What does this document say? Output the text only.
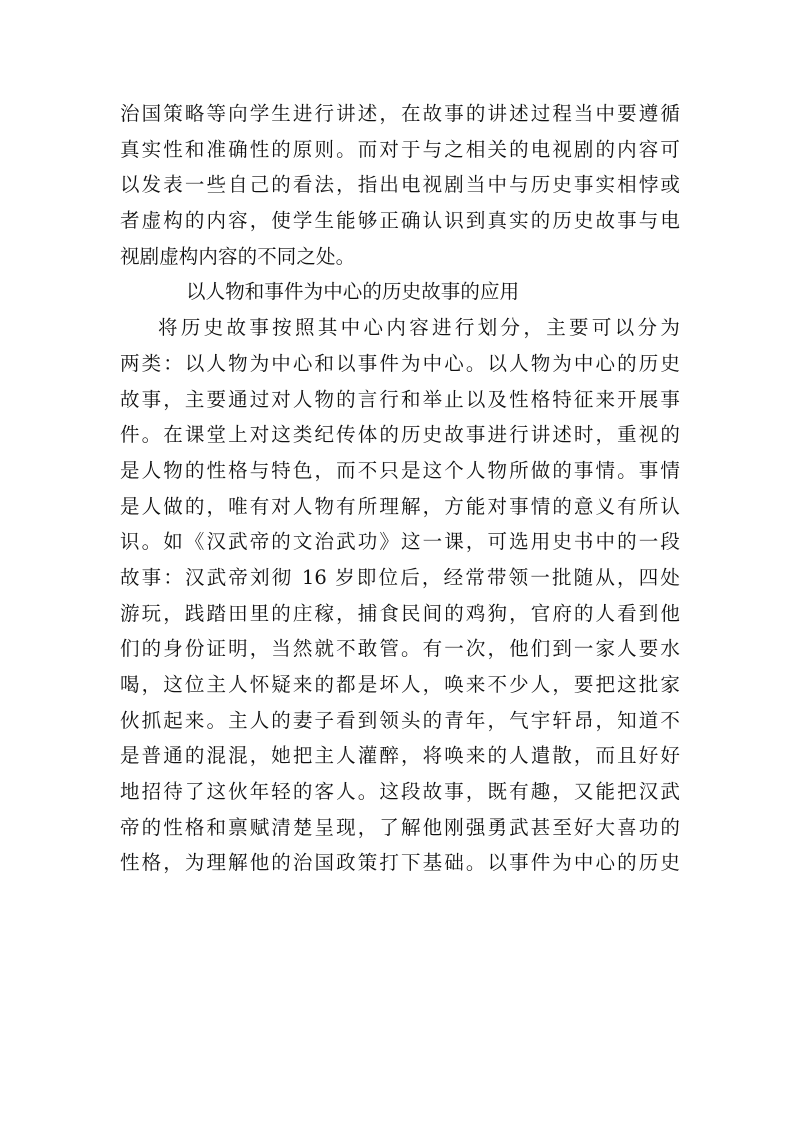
治国策略等向学生进行讲述，在故事的讲述过程当中要遵循
真实性和准确性的原则。而对于与之相关的电视剧的内容可
以发表一些自己的看法，指出电视剧当中与历史事实相悖或
者虚构的内容，使学生能够正确认识到真实的历史故事与电
视剧虚构内容的不同之处。
以人物和事件为中心的历史故事的应用
将历史故事按照其中心内容进行划分，主要可以分为
两类：以人物为中心和以事件为中心。以人物为中心的历史
故事，主要通过对人物的言行和举止以及性格特征来开展事
件。在课堂上对这类纪传体的历史故事进行讲述时，重视的
是人物的性格与特色，而不只是这个人物所做的事情。事情
是人做的，唯有对人物有所理解，方能对事情的意义有所认
识。如《汉武帝的文治武功》这一课，可选用史书中的一段
故事：汉武帝刘彻 16 岁即位后，经常带领一批随从，四处
游玩，践踏田里的庄稼，捕食民间的鸡狗，官府的人看到他
们的身份证明，当然就不敢管。有一次，他们到一家人要水
喝，这位主人怀疑来的都是坏人，唤来不少人，要把这批家
伙抓起来。主人的妻子看到领头的青年，气宇轩昂，知道不
是普通的混混，她把主人灌醉，将唤来的人遣散，而且好好
地招待了这伙年轻的客人。这段故事，既有趣，又能把汉武
帝的性格和禀赋清楚呈现，了解他刚强勇武甚至好大喜功的
性格，为理解他的治国政策打下基础。以事件为中心的历史
